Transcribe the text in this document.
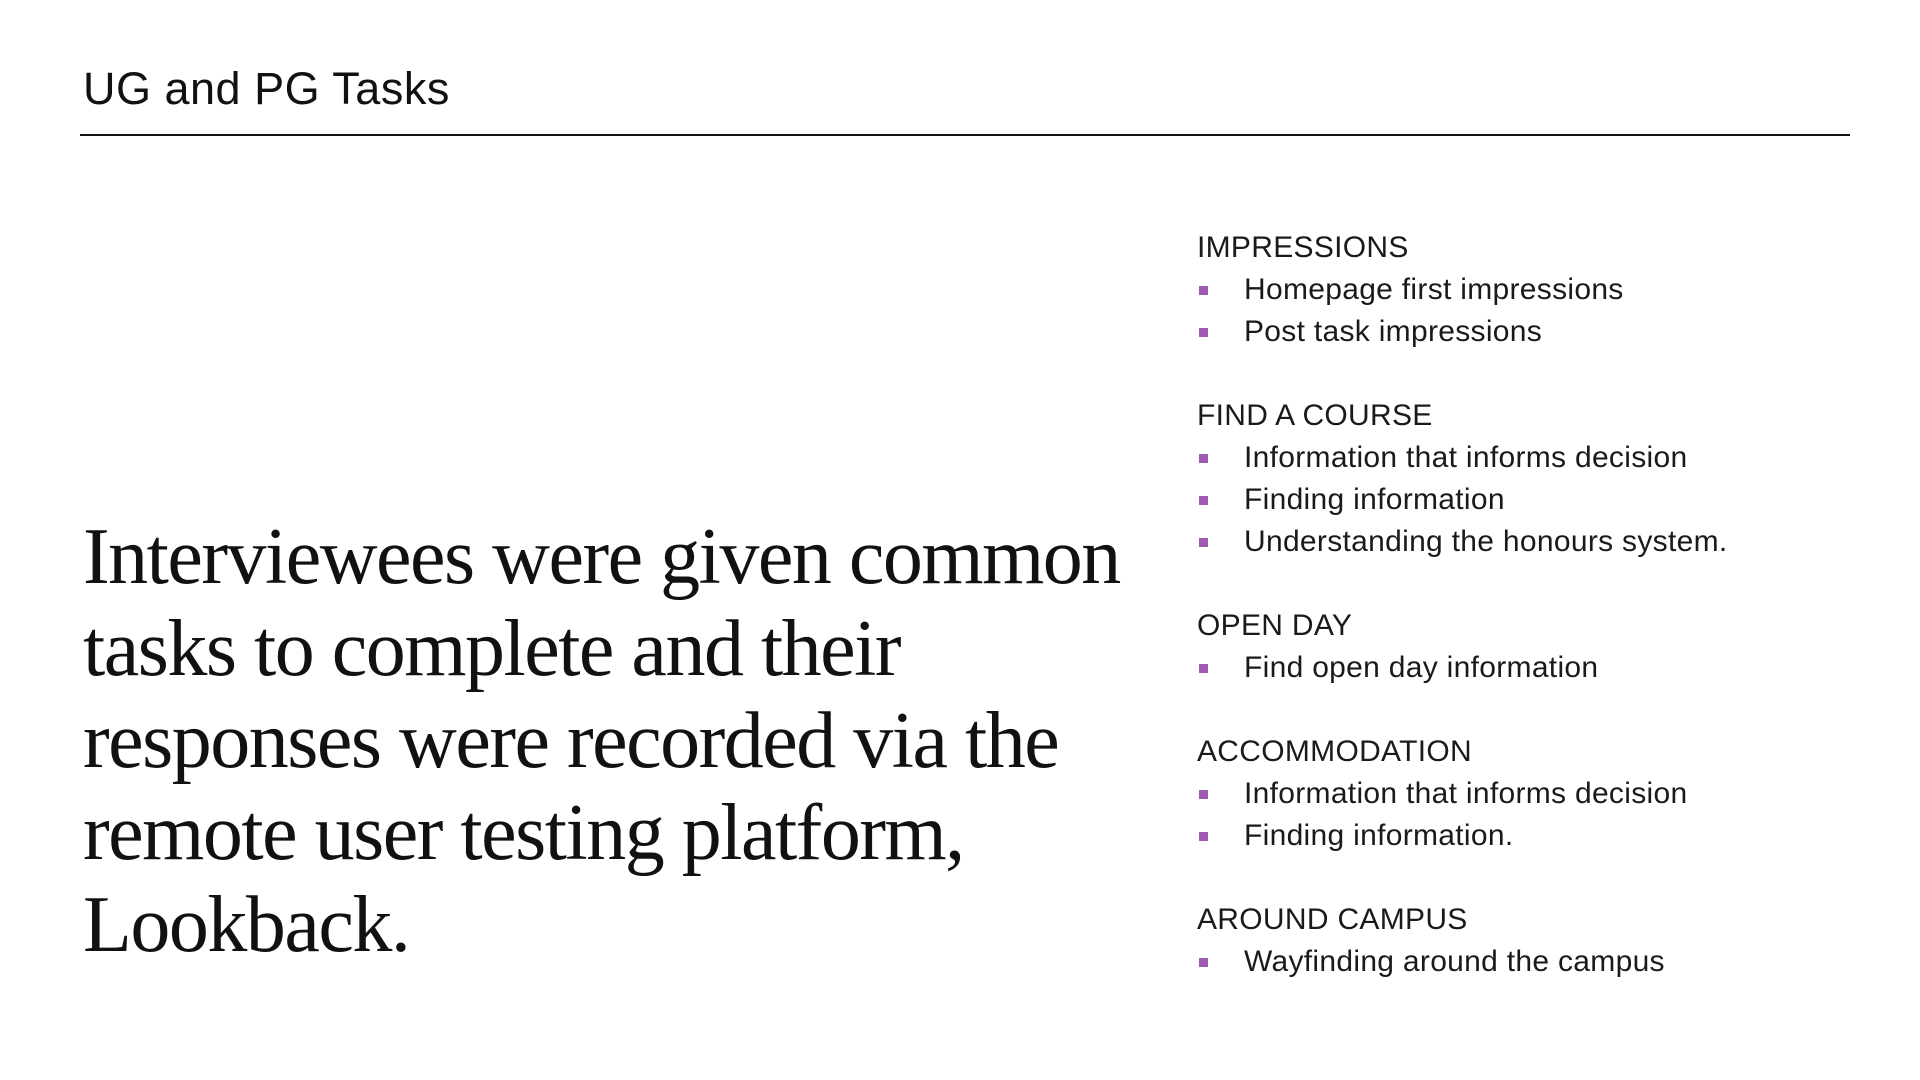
UG and PG Tasks

Interviewees were given common tasks to complete and their responses were recorded via the remote user testing platform, Lookback.

IMPRESSIONS
Homepage first impressions
Post task impressions
FIND A COURSE
Information that informs decision
Finding information
Understanding the honours system.
OPEN DAY
Find open day information
ACCOMMODATION
Information that informs decision
Finding information.
AROUND CAMPUS
Wayfinding around the campus
